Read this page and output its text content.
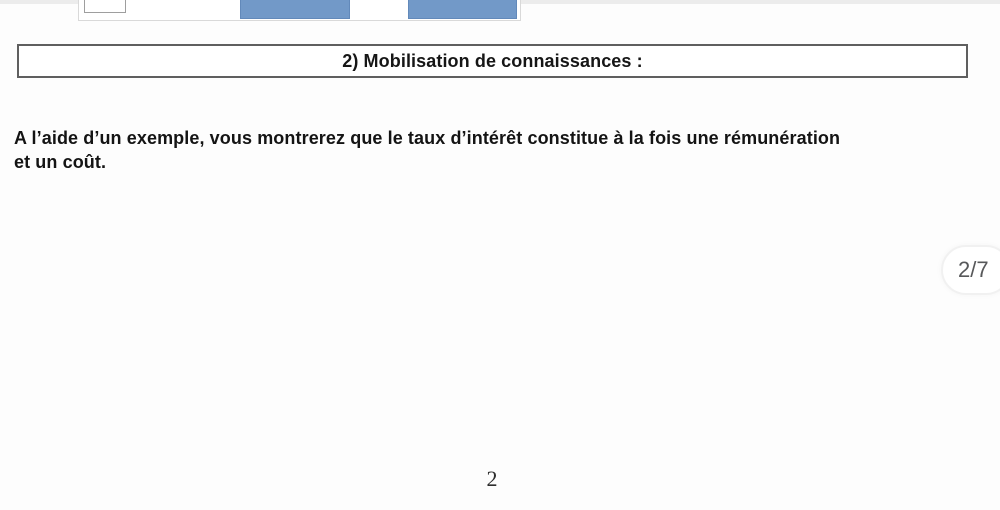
2) Mobilisation de connaissances :
A l’aide d’un exemple, vous montrerez que le taux d’intérêt constitue à la fois une rémunération
et un coût.
2/7
2
